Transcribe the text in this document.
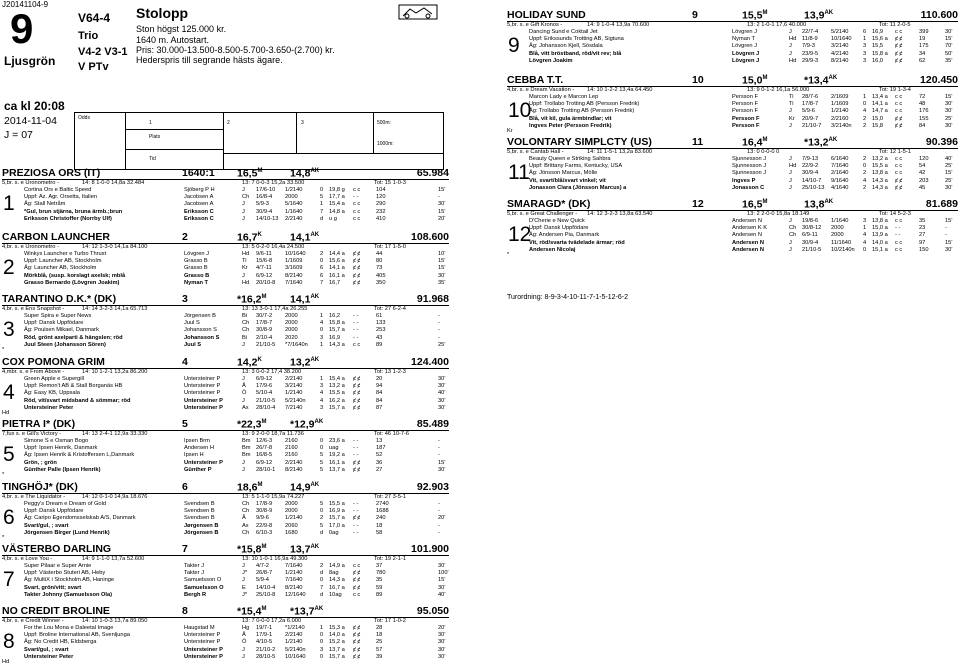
J20141104-9
9
Ljusgrön
V64-4
Trio
V4-2 V3-1
V PTv
Stolopp
Ston högst 125.000 kr.
1640 m. Autostart.
Pris: 30.000-13.500-8.500-5.700-3.650-(2.700) kr.
Hederspris till segrande hästs ägare.
ca kl 20:08
2014-11-04
J = 07
Odds
1	2	3
Plats
Tid
500m:
1000m:
PREZIOSA ORS (IT)	1640:1 $16,5^M$	$14,8^{AK}$	65.984
5,br. s. e Uronometro -	14: 8 1-0-0 14,8a 32.484	13: 7 0-0-3 15,2a 33.500	Tot: 15 1-0-3
1
Cortina Ors e Baltic Speed	Sjöberg P H	J 17/6-10 1/2140	0 19,8 g c c	104	15'
Uppf: Az. Agr. Orsetta, Italien	Jacobsen A	Ch 16/8-4 2000	5 17,7 a - -	120	-
Äg: Stall Netråm	Jacobsen A	J 5/9-3	5/1640	1 15,4 a c c	290	30'
*Gul, brun stjärna, bruna ärmb.;brun	Eriksson C	J 30/9-4 1/1640	7 14,8 a c c	232	15'
Eriksson Christoffer (Norrby Ulf)	Eriksson C	J 14/10-13 2/2140	d u g	c c	410	20'
CARBON LAUNCHER	2	$16,7^K$	$14,1^{AK}$	108.600
4,br. s. e Uronometro -	14: 12 1-3-0 14,1a 84.100	13: 5 0-2-0 16,4a 24.500	Tot: 17 1-5-0
2
Winkys Launcher e Turbo Thrust	Lövgren J	Hd 9/6-11 10/1640	2 14,4 a ȼ ȼ	44	10'
Uppf: Launcher AB, Stockholm	Grasso B	Ti 15/6-8 1/1609	0 15,6 a ȼ ȼ	80	15'
Äg: Launcher AB, Stockholm	Grasso B	Kr 4/7-11 3/1609	6 14,1 a ȼ ȼ	73	15'
Mörkblå, (susp. korslagt axelsk; mblå	Grasso B	J 6/9-12 8/2140	6 16,1 a ȼ ȼ	405	30'
Grasso Bernardo (Lövgren Joakim)	Nyman T	Hd 20/10-8 7/1640	7 16,7 ȼ ȼ	350	35'
TARANTINO D.K.* (DK)	3	$*16,2^M$ $14,1^{AK}$	91.968
4,br. s. e Ens Snapshot -	14: 14 3-2-3 14,1a 65.713	13: 13 3-0-1 17,4a 26.255	Tot: 27 6-2-4
3
*
Super Spira e Super News	Jörgensen B	Bi 30/7-2 2000	1 16,2 - -	61	-
Uppf: Dansk Uppfödare	Juul S	Ch 17/8-7 2000	4 15,8 a - -	133	-
Äg: Poulsen Mikael, Danmark	Johansson S	Ch 30/8-9 2000	0 15,7 a - -	253	-
Röd, grönt axelparti & hängslen; röd	Johansson S	Bi 2/10-4 2020	3 16,9 - -	43	-
Juul Steen (Johansson Sören)	Juul S	J 21/10-5 *7/1640n 1 14,3 a c c	89	25'
COX POMONA GRIM	4	$14,2^K$	$13,2^{AK}$	124.400
4,mbr. s. e From Above -	14: 10 1-2-1 13,2a 86.200	13: 3 0-0-2 17,4 38.200	Tot: 13 1-2-3
4
Hd
Green Apple e Supergill	Untersteiner P	J 6/9-12 2/2140	1 15,4 a ȼ ȼ	20	30'
Uppf: Remon't AB & Stall Borganäs HB	Untersteiner P	Å 17/9-6 3/2140	3 13,2 a ȼ ȼ	94	30'
Äg: Easy KB, Uppsala	Untersteiner P	Ö 5/10-4 1/2140	4 15,5 a ȼ ȼ	84	40'
Röd, vit/svart midsband & sömmar; röd	Untersteiner P	J 21/10-5 5/2140n	4 16,2 a ȼ ȼ	84	30'
Untersteiner Peter	Untersteiner P	Ax 28/10-4 7/2140	3 15,7 a ȼ ȼ	87	30'
PIETRA I* (DK)	5	$*22,3^M$ $*12,9^{AK}$	85.489
7,fux s. e Gill's Victory -	14: 13 2-4-1 12,9a 33.330	13: 9 2-0-0 18,7a 11.736	Tot: 46 10-7-6
5
*
Simone S e Osman Bogo	Ipsen Brm	Bm 12/6-3 2160	0 23,6 a - -	13	-
Uppf: Ipsen Henrik, Danmark	Andersen H	Bm 26/7-8 2160	0 uag	- -	187	-
Äg: Ipsen Henrik & Kristoffersen L,Danmark	Ipsen H	Bm 16/8-5 2160	5 19,2 a - -	52	-
Grön, ; grön	Untersteiner P	J 6/9-12 2/2140	5 16,1 a ȼ ȼ	36	15'
Günther Palle (Ipsen Henrik)	Günther P	J 28/10-1 8/2140	5 13,7 a ȼ ȼ	27	30'
TINGHÖJ* (DK)	6	$18,6^M$	$14,9^{AK}$	92.903
4,br. s. e The Liquidator -	14: 12 0-1-0 14,9a 18.676	13: 5 1-1-0 15,9a 74.227	Tot: 27 3-5-1
6
*
Peggy's Dream e Dream of Gold	Svendsen B	Ch 17/8-9 2000	5 15,5 a - -	2740	-
Uppf: Dansk Uppfödare	Svendsen B	Ch 30/8-9 2000	0 16,9 a - -	1688	-
Äg: Caripo Egendomsselskab A/S, Danmark	Svendsen B	Å 9/9-6	1/2140	2 15,7 a ȼ ȼ	240	20'
Svart/gul, ; svart	Jørgensen B	Ax 22/9-8 2060	5 17,0 a - -	18	-
Jörgensen Birger (Lund Henrik)	Jörgensen B	Ch 6/10-3 1680	d 0ag	- -	58	-
VÄSTERBO DARLING	7	$*15,8^M$ $13,7^{AK}$	101.900
4,br. s. e Love You -	14: 9 1-1-0 13,7a 52.600	13: 10 1-0-1 16,9a 49.300	Tot: 19 2-1-1
7
Super Pilaar e Super Arnie	Takter J	J 4/7-2	7/1640	2 14,9 a c c	37	30'
Uppf: Västerbo Stuteri AB, Heby	Takter J	J* 26/8-7 1/2140	d 8ag	ȼ ȼ	780	100'
Äg: MultiX i Stockholm AB, Haninge	Samuelsson O	J 5/9-4	7/1640	0 14,3 a ȼ ȼ	35	15'
Svart, grön/vitt; svart	Samuelsson O	E 14/10-4 8/2140	7 16,7 a ȼ ȼ	59	30'
Takter Johnny (Samuelsson Ola)	Bergh R	J* 25/10-8 12/1640	d 10ag c c	89	40'
NO CREDIT BROLINE	8	$*15,4^M$ $*13,7^{AK}$	95.050
4,br. s. e Credit Winner -	14: 10 1-0-3 13,7a 89.050	13: 7 0-0-0 17,2a 6.000	Tot: 17 1-0-2
8
Hd
For the Lou Mona e Daleetal Image	Haugstad M	Hg 19/7-1 *1/2140	1 15,3 a ȼ ȼ	28	20'
Uppf: Broline International AB, Svenljunga	Untersteiner P	Å 17/9-1 2/2140	0 14,0 a ȼ ȼ	18	30'
Äg: No Credit HB, Eldsberga	Untersteiner P	Ö 4/10-5 1/2140	0 15,2 a ȼ ȼ	25	30'
Svart/gul, ; svart	Untersteiner P	J 21/10-2 5/2140n	3 13,7 a ȼ ȼ	57	30'
Untersteiner Peter	Untersteiner P	J 28/10-5 10/1640	0 15,7 a ȼ ȼ	39	30'
HOLIDAY SUND	9	$15,5^M$	$13,9^{AK}$	110.600
5,br. s. e Gift Kronos -	14: 9 1-0-4 13,9a 70.600	13: 2 1-0-1 17,6 40.000	Tot: 11 2-0-5
9
Dancing Sund e Coktail Jet	Lövgren J	J 22/7-4 5/2140	6 16,9 c c	399	30'
Uppf: Erikssunds Trotting AB, Sigtuna	Nyman T	Hd 11/8-9 10/1640 1 15,6 a ȼ ȼ	19	15'
Äg: Johansson Kjell, Sösdala	Lövgren J	J 7/9-3	3/2140	3 15,5 ȼ ȼ	175	70'
Blå, vitt bröstband, röd/vit rev; blå	Lövgren J	J 23/9-5 4/2140	3 15,8 a ȼ ȼ	34	50'
Lövgren Joakim	Lövgren J	Hd 29/9-3 8/2140	3 16,0 ȼ ȼ	62	35'
CEBBA T.T.	10	$15,0^M$	$*13,4^{AK}$	120.450
4,br. s. e Dream Vacation - 14: 10 1-2-2 13,4a 64.450	13: 9 0-1-2 16,1a 56.000	Tot: 19 1-3-4
10
Kr
Marcon Lady e Marcon Lep	Persson F	Ti 28/7-6 2/1609	1 13,4 a c c	72	15'
Uppf: Trollabo Trotting AB (Persson Fredrik)	Persson F	Ti 17/8-7 1/1609	0 14,1 a c c	48	30'
Äg: Trollabo Trotting AB (Persson Fredrik)	Persson F	J 5/9-6	1/2140	4 14,7 a c c	176	30'
Blå, vit kil, gula ärmbindlar; vit	Persson F	Kr 20/9-7 2/2160	2 15,0 ȼ ȼ	155	25'
Ingves Peter (Persson Fredrik)	Persson F	J 21/10-7 3/2140n 2 15,8 ȼ ȼ	84	30'
VOLONTARY SIMPLCTY (US)	11	$16,4^M$	$*13,2^{AK}$	90.396
5,br. s. e Cantab Hall -	14: 11 1-5-1 13,2a 83.600	13: 0 0-0-0 0	Tot: 12 1-5-1
11
Beauty Queen e Striking Sahbra	Sjunnesson J	J 7/9-13 6/1640	2 13,2 a c c	120	40'
Uppf: Brittany Farms, Kentucky, USA	Sjunnesson J	Hd 22/9-2 7/1640	0 15,5 a c c	54	25'
Äg: Jönsson Marcus, Mölle	Sjunnesson J	J 30/9-4 2/1640	2 13,8 a c c	42	15'
Vit, svart/blå/svart vinkel; vit	Ingves P	J 14/10-7 9/1640	4 14,3 a ȼ ȼ	203	25'
Jonasson Clara (Jönsson Marcus) a	Jonasson C	J 25/10-13 4/1640	2 14,3 a ȼ ȼ	45	30'
SMARAGD* (DK)	12	$16,5^M$	$13,8^{AK}$	81.689
5,br. s. e Great Challenger - 14: 12 3-2-3 13,8a 63.540	13: 2 2-0-0 15,8a 18.149	Tot: 14 5-2-3
12
*
D'Cherie e New Quick	Andersen N	J 19/8-6 1/1640	3 13,8 a c c	35	15'
Uppf: Dansk Uppfödare	Andersen K K	Ch 30/8-12 2000	1 15,0 a - -	23	-
Äg: Andersen Pia, Danmark	Andersen N	Ch 6/9-11 2000	4 13,9 a - -	27	-
Vit, röd/svarta tvädelade ärmar; röd	Andersen N	J 30/9-4 11/1640 4 14,0 a c c	97	15'
Andersen Nicolaj	Andersen N	J 21/10-5 10/2140n 0 15,1 a c c	150	30'
Turordning: 8-9-3-4-10-11-7-1-5-12-6-2
